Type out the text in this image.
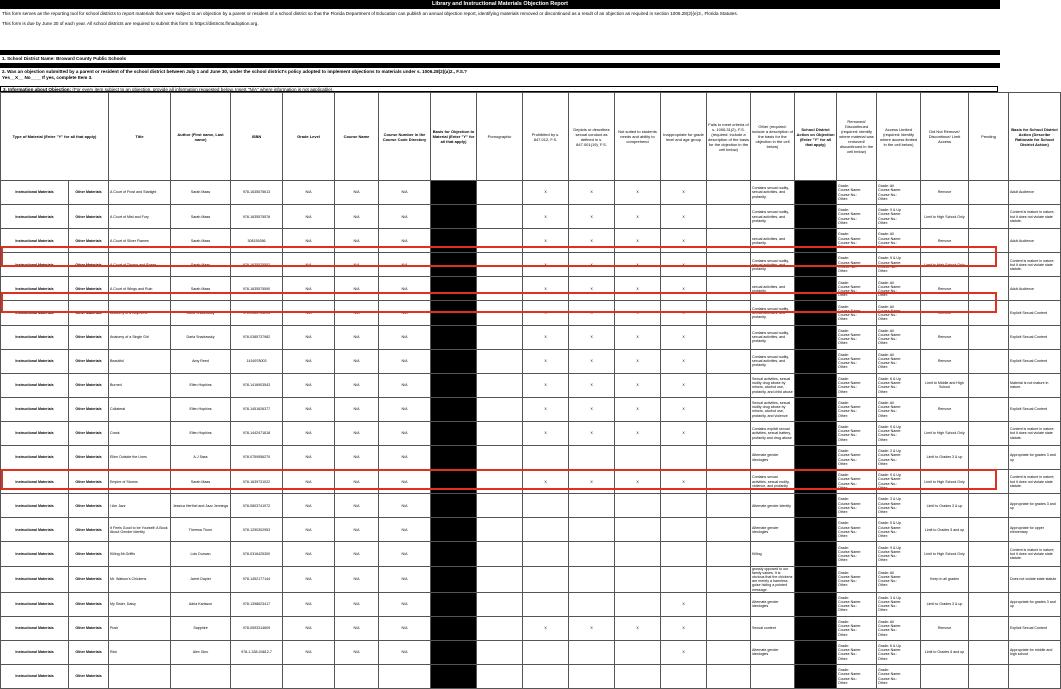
Library and Instructional Materials Objection Report

This form serves as the reporting tool for school districts to report materials that were subject to an objection by a parent or resident of a school district so that the Florida Department of Education can publish an annual objection report, identifying materials removed or discontinued as a result of an objection as required in section 1006.28(2)(e)3., Florida Statutes.

This form is due by June 30 of each year. All school districts are required to submit this form to https://districts.flrnadoption.org.

1. School District Name: Broward County Public Schools
2. Was an objection submitted by a parent or resident of the school district between July 1 and June 30, under the school district's policy adopted to implement objections to materials under s. 1006.28(2)(a)2., F.S.?
Yes__X__ No____ If yes, complete Item 3.
3. Information about Objection: (For every item subject to an objection, provide all information requested below. Insert "N/A" where information is not applicable).
Type of Material (Enter "Y" for all that apply)		Title	Author (First name, Last name)	ISBN	Grade Level	Course Name	Course Number in the Course Code Directory	Basis for Objection to Material (Enter "Y" for all that apply)	Pornographic	Prohibited by s. 847.012, F.S.	Depicts or describes sexual conduct as defined in s. 847.001(19), F.S.	Not suited to students needs and ability to comprehend	Inappropriate for grade level and age group	Fails to meet criteria of s. 1006.31(2), F.S. (required: include a description of the basis for the objection in the cell below)	Other (required: include a description of the basis for the objection in the cell below)	School District Action on Objection (Enter "Y" for all that apply)	Removed/ Discontinued (required: identify where material was removed/ discontinued in the cell below)	Access Limited (required: identify where access limited in the cell below)	Did Not Remove/ Discontinue/ Limit Access	Pending	Basis for School District Action (Describe Rationale for School District Action)
Instructional Materials	Other Materials	A Court of Frost and Starlight	Sarah Maas	978-1635575613	N/A	N/A	N/A			X	X	X	X		Contains sexual nudity, sexual activities, and profanity.		Grade:
Course Name:
Course No.:
Other:	Grade: All
Course Name:
Course No.:
Other:	Remove		Adult Audience
Instructional Materials	Other Materials	A Court of Mist and Fury	Sarah Maas	978-1635575576	N/A	N/A	N/A			X	X	X	X		Contains sexual nudity, sexual activities, and profanity.		Grade:
Course Name:
Course No.:
Other:	Grade: 9 & Up
Course Name:
Course No.:
Other:	Limit to High School Only		Content is mature in nature; but it does not violate state statute.
Instructional Materials	Other Materials	A Court of Silver Flames	Sarah Maas	308159286	N/A	N/A	N/A			X	X	X	X		sexual activities, and profanity.		Grade:
Course Name:
Course No.:
Other:	Grade: All
Course Name:
Course No.:
Other:	Remove		Adult Audience
Instructional Materials	Other Materials	A Court of Thorns and Roses	Sarah Maas	978-1635575552	N/A	N/A	N/A			X	X	X	X		Contains sexual nudity, sexual activities, and profanity.		Grade:
Course Name:
Course No.:
Other:	Grade: 9 & Up
Course Name:
Course No.:
Other:	Limit to High School Only		Content is mature in nature; but it does not violate state statute.
Instructional Materials	Other Materials	A Court of Wings and Ruin	Sarah Maas	978-1635575590	N/A	N/A	N/A			X	X	X	X		sexual activities, and profanity.		Grade:
Course Name:
Course No.:
Other:	Grade: All
Course Name:
Course No.:
Other:	Remove		Adult Audience
Instructional Materials	Other Materials	Anatomy of a Boyfriend	Daria Snadowsky	978-0385733205	N/A	N/A	N/A			X	X	X	X		Contains sexual nudity, sexual activities, and profanity.		Grade:
Course Name:
Course No.:
Other:	Grade: All
Course Name:
Course No.:
Other:	Remove		Explicit Sexual Content
Instructional Materials	Other Materials	Anatomy of a Single Girl	Daria Snadowsky	978-0385737982	N/A	N/A	N/A			X	X	X	X		Contains sexual nudity, sexual activities, and profanity.		Grade:
Course Name:
Course No.:
Other:	Grade: All
Course Name:
Course No.:
Other:	Remove		Explicit Sexual Content
Instructional Materials	Other Materials	Beautiful	Amy Reed	1416978003	N/A	N/A	N/A			X	X	X	X		Contains sexual nudity, sexual activities, and profanity.		Grade:
Course Name:
Course No.:
Other:	Grade: All
Course Name:
Course No.:
Other:	Remove		Explicit Sexual Content
Instructional Materials	Other Materials	Burned	Ellen Hopkins	978-1416903543	N/A	N/A	N/A			X	X	X	X		Sexual activities, sexual nudity drug abuse by minors, alcohol use, profanity, and child abuse		Grade:
Course Name:
Course No.:
Other:	Grade: 6 & Up
Course Name:
Course No.:
Other:	Limit to Middle and High School		Material is not mature in nature.
Instructional Materials	Other Materials	Collateral	Ellen Hopkins	978-1451626377	N/A	N/A	N/A			X	X	X	X		Sexual activities, sexual nudity drug abuse by minors, alcohol use, profanity, and violence		Grade:
Course Name:
Course No.:
Other:	Grade: All
Course Name:
Course No.:
Other:	Remove		Explicit Sexual Content
Instructional Materials	Other Materials	Crank	Ellen Hopkins	978-1442471818	N/A	N/A	N/A			X	X	X	X		Contains explicit sexual activities, sexual battery, profanity and drug abuse		Grade:
Course Name:
Course No.:
Other:	Grade: 9 & Up
Course Name:
Course No.:
Other:	Limit to High School Only		Content is mature in nature; but it does not violate state statute.
Instructional Materials	Other Materials	Ellen Outside the Lines	A.J Sass	978-0759556270	N/A	N/A	N/A								Alternate gender ideologies		Grade:
Course Name:
Course No.:
Other:	Grade: 3 & Up
Course Name:
Course No.:
Other:	Limit to Grades 3 & up		Appropriate for grades 3 and up
Instructional Materials	Other Materials	Empire of Storms	Sarah Maas	978-1639731022	N/A	N/A	N/A			X	X	X	X		Contains sexual activities, sexual nudity, violence, and profanity		Grade:
Course Name:
Course No.:
Other:	Grade: 9 & Up
Course Name:
Course No.:
Other:	Limit to High School Only		Content is mature in nature; but it does not violate state statute.
Instructional Materials	Other Materials	I Am Jazz	Jessica Herthel and Jazz Jennings	978-0803741072	N/A	N/A	N/A								Alternate gender identity		Grade:
Course Name:
Course No.:
Other:	Grade: 3 & Up
Course Name:
Course No.:
Other:	Limit to Grades 3 & up		Appropriate for grades 3 and up
Instructional Materials	Other Materials	It Feels Good to be Yourself: A Book About Gender Identity	Theresa Thorn	978-1250302953	N/A	N/A	N/A								Alternate gender ideologies		Grade:
Course Name:
Course No.:
Other:	Grade: 5 & Up
Course Name:
Course No.:
Other:	Limit to Grades 5 and up		Appropriate for upper elementary
Instructional Materials	Other Materials	Killing Mr.Griffin	Lois Duncan	978-0316425300	N/A	N/A	N/A								Killing		Grade:
Course Name:
Course No.:
Other:	Grade: 9 & Up
Course Name:
Course No.:
Other:	Limit to High School Only		Content is mature in nature; but it does not violate state statute.
Instructional Materials	Other Materials	Mr. Watson's Chickens	Jarret Dapier	978-1452177144	N/A	N/A	N/A								grossly opposed to our family values. It is obvious that the chickens are merely a harmless guise hiding a pointed message.		Grade:
Course Name:
Course No.:
Other:	Grade: All
Course Name:
Course No.:
Other:	Keep in all grades		Does not violate state statute
Instructional Materials	Other Materials	My Sister, Daisy	Adria Karlsson	978-1398623417	N/A	N/A	N/A						X		Alternate gender ideologies		Grade:
Course Name:
Course No.:
Other:	Grade: 3 & Up
Course Name:
Course No.:
Other:	Limit to Grades 3 & up		Appropriate for grades 3 and up
Instructional Materials	Other Materials	Push	Sapphire	978-0593314609	N/A	N/A	N/A			X	X	X	X		Sexual content		Grade:
Course Name:
Course No.:
Other:	Grade: All
Course Name:
Course No.:
Other:	Remove		Explicit Sexual Content
Instructional Materials	Other Materials	Rick	Alex Gino	978-1-338-04812-7	N/A	N/A	N/A						X		Alternate gender ideologies		Grade:
Course Name:
Course No.:
Other:	Grade: 6 & Up
Course Name:
Course No.:
Other:	Limit to Grades 6 and up		Appropriate for middle and high school
Instructional Materials	Other Materials																Grade:
Course Name:
Course No.:
Other:	Grade:
Course Name:
Course No.:
Other:			
